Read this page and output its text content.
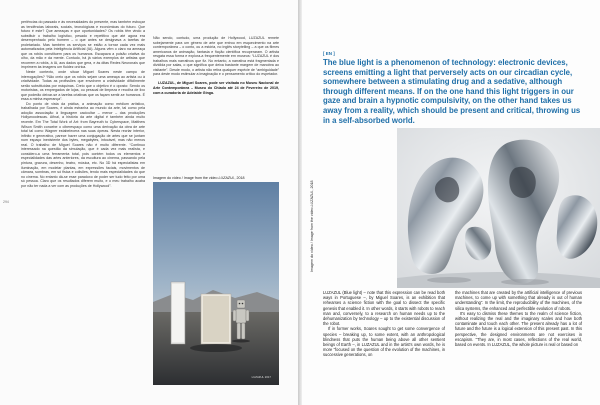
periências do passado e às necessidades do presente, mas também esboçar as tendências laborais, sociais, tecnológicas e económicas do futuro. Que futuro é este? Que ameaças e que oportunidades? Os robôs têm vindo a substituir o trabalho logístico, pesado e repetitivo que até agora era desempenhado pelo homem – o que antes se designava a tarefas de proletariado. Mas também os serviços se estão a tornar cada vez mais automatizados pela Inteligência Artificial (IA). Alguns vêm o claro na ameaça que os robôs constituem para os humanos. Escapava a pulsão criativa do olho, da mão e da mente. Contudo, há já vários exemplos de artistas que recorrem a robôs, à IA, aos dados que gera, e às ditas Redes Neuronais que imprimem às imagens um fluidez onírica.

Neste contexto, onde situar Miguel Soares neste campo de interrogações? “Não creio que os robôs sejam uma ameaça ao artista ou à criatividade. Todas as profissões que envolvem a criatividade dificilmente serão substituídas por máquinas. Creio que o objetivo é o oposto: Sendo os motoristas, os empregados de lojas, ou pessoal de limpeza e recolha de lixo que poderão deixar-se a tarefas criativas que os façam sentir-se humanos. É essa a minha esperança”.

Do ponto de vista da prática, a animação como médium artístico, trabalhada por Soares, é ainda estranha ao mundo da arte, tal como pela adoção associação à linguagem cacicultar – menor – das produções Hollywoodescas. Afinal, a história da arte digital é também ainda muito recente. Em The Total Work of Art: from Bayreuth to Cyberspace, Matthew Wilson Smith concebe o ciberespaço como uma derivação da obra de arte total tal como Wagner estabelecera nas suas óperas. Nesta recriar interior, infinito e generativo, parece haver uma conjugação de artes que se juntam num espaço inexistente dos bytes, megabytes, intocável, mas não menos real. O trabalho de Miguel Soares não é muito diferente. “Continuo interessado na questão da simulação, que é cada vez mais realista, e considero-a uma ferramenta total, pois contém todos os elementos e especialidades das artes anteriores, da escultura ao cinema, passando pela pintura, gravura, desenho, teatro, música, etc. No 3D há especialistas em iluminação, em modelar plantas, em expressões faciais, movimentos de câmara, sombras, em só fisica e colisões, tendo mais especialidades do que no cinema. No entanto dá-se esse paradoxo de poder ser tudo feito por uma só pessoa. Claro que os resultados diferem muito, e o meu trabalho acaba por não ter nada a ver com as produções de Hollywood”.

Não sendo, contudo, uma produção de Hollywood, LUZAZUL remete sobejamente para um género de arte que entrou em esquecimento na arte contemporânea – o conto, ou a estória, no inglês storytelling – a que os filmes americanos de animação, fantasia e ficção científica recuperaram. O artista resgata essa forma e explora-a frequentemente em museus: “LUZAZUL é dos trabalhos mais narrativos que fiz. No entanto, a narrativa está fragmentada e dividida por salas, o que significa que deixa bastante margem de manobra ao visitante”. Desde modo, o artista não retira qualquer espécie de “ambiguidade” para deste modo estimular a imaginação e o pensamento crítico do espetador.

LUZAZUL, de Miguel Soares, pode ser visitada no Museu Nacional de Arte Contemporânea – Museu do Chiado até 24 de Fevereiro de 2019, com a curadoria de Adelaide Ginga.

294
Imagem do vídeo / Image from the video LUZAZUL, 2018
LUZAZUL 2017
[ EN ]
The blue light is a phenomenon of technology: electronic devices, screens emitting a light that perversely acts on our circadian cycle, somewhere between a stimulating drug and a sedative, although through different means. If on the one hand this light triggers in our gaze and brain a hypnotic compulsivity, on the other hand takes us away from a reality, which should be present and critical, throwing us in a self-absorbed world.
Imagem do vídeo / Image from the video LUZAZUL, 2018

LUZAZUL (Blue light) – note that this expression can be read both ways in Portuguese –, by Miguel Soares, is an exhibition that rehearses a science fiction with the goal to dissect the specific genesis that enabled it. In other words, it starts with robots to reach man and, conversely, to a research on human needs up to the dehumanization by technology – up to the existential discussion of the robot.

If in former works, Soares sought to get some convergence of species – breaking up, to some extent, with an anthropological blindness that puts the human being above all other sentient beings of Earth –, in LUZAZUL and in the artist's own words, he is more “focused on the question of the evolution of the machines, in successive generations, on

the machines that are created by the artificial intelligence of previous machines, to come up with something that already is out of human understanding”. In the limit, the reproducibility of the machines, of the silica systems, the enhanced and perfectible evolution of robots.

It's easy to dismiss these themes to the realm of science fiction, without realizing the real and the imaginary scales and how both contaminate and touch each other. The present already has a lot of future and the future is a logical extension of this present past. In this perspective, the designed environments are not exercises in escapism. “They are, in most cases, reflections of the real world, based on events. In LUZAZUL, the whole picture is real or based on
